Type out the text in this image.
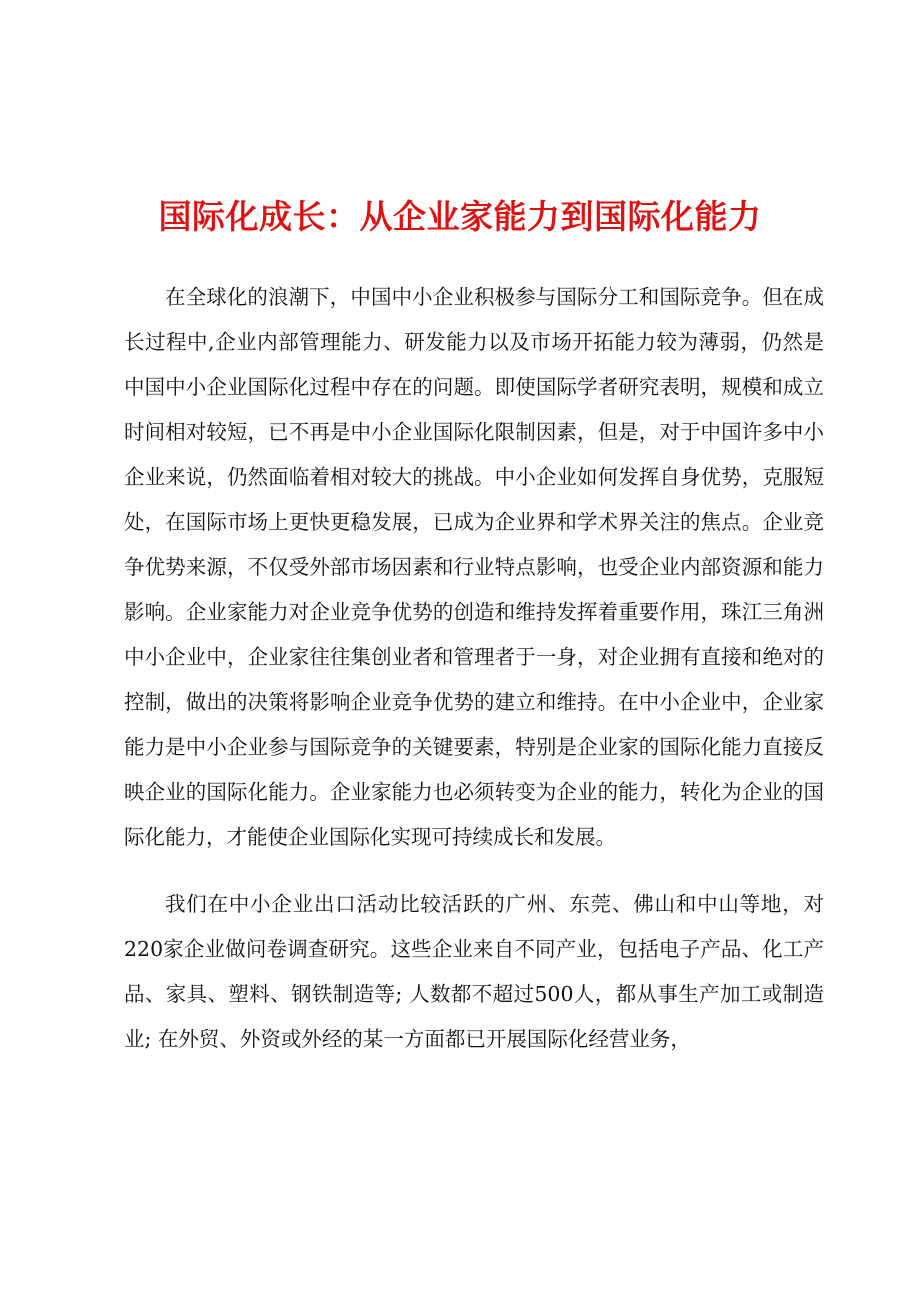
国际化成长：从企业家能力到国际化能力

在全球化的浪潮下，中国中小企业积极参与国际分工和国际竞争。但在成长过程中,企业内部管理能力、研发能力以及市场开拓能力较为薄弱，仍然是中国中小企业国际化过程中存在的问题。即使国际学者研究表明，规模和成立时间相对较短，已不再是中小企业国际化限制因素，但是，对于中国许多中小企业来说，仍然面临着相对较大的挑战。中小企业如何发挥自身优势，克服短处，在国际市场上更快更稳发展，已成为企业界和学术界关注的焦点。企业竞争优势来源，不仅受外部市场因素和行业特点影响，也受企业内部资源和能力影响。企业家能力对企业竞争优势的创造和维持发挥着重要作用，珠江三角洲中小企业中，企业家往往集创业者和管理者于一身，对企业拥有直接和绝对的控制，做出的决策将影响企业竞争优势的建立和维持。在中小企业中，企业家能力是中小企业参与国际竞争的关键要素，特别是企业家的国际化能力直接反映企业的国际化能力。企业家能力也必须转变为企业的能力，转化为企业的国际化能力，才能使企业国际化实现可持续成长和发展。

我们在中小企业出口活动比较活跃的广州、东莞、佛山和中山等地，对220家企业做问卷调查研究。这些企业来自不同产业，包括电子产品、化工产品、家具、塑料、钢铁制造等; 人数都不超过500人，都从事生产加工或制造业; 在外贸、外资或外经的某一方面都已开展国际化经营业务，
